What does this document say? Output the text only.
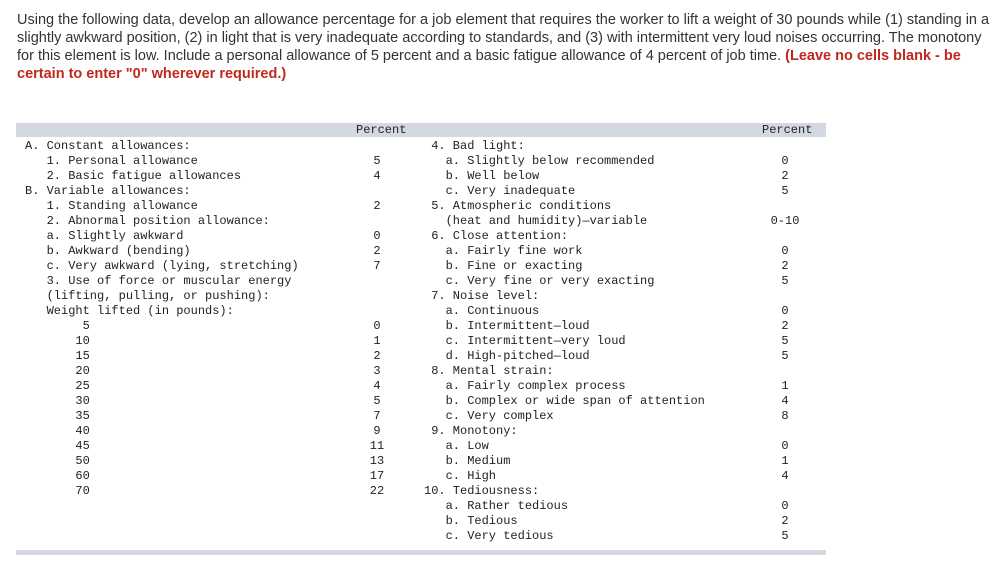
Using the following data, develop an allowance percentage for a job element that requires the worker to lift a weight of 30 pounds while (1) standing in a slightly awkward position, (2) in light that is very inadequate according to standards, and (3) with intermittent very loud noises occurring. The monotony for this element is low. Include a personal allowance of 5 percent and a basic fatigue allowance of 4 percent of job time. (Leave no cells blank - be certain to enter "0" wherever required.)
Percent	Percent
A. Constant allowances:
1. Personal allowance	5
2. Basic fatigue allowances	4
B. Variable allowances:
1. Standing allowance	2
2. Abnormal position allowance:
a. Slightly awkward	0
b. Awkward (bending)	2
c. Very awkward (lying, stretching)	7
3. Use of force or muscular energy
(lifting, pulling, or pushing):
Weight lifted (in pounds):
5	0
10	1
15	2
20	3
25	4
30	5
35	7
40	9
45	11
50	13
60	17
70	22
4. Bad light:
a. Slightly below recommended	0
b. Well below	2
c. Very inadequate	5
5. Atmospheric conditions
(heat and humidity)—variable	0-10
6. Close attention:
a. Fairly fine work	0
b. Fine or exacting	2
c. Very fine or very exacting	5
7. Noise level:
a. Continuous	0
b. Intermittent—loud	2
c. Intermittent—very loud	5
d. High-pitched—loud	5
8. Mental strain:
a. Fairly complex process	1
b. Complex or wide span of attention	4
c. Very complex	8
9. Monotony:
a. Low	0
b. Medium	1
c. High	4
10. Tediousness:
a. Rather tedious	0
b. Tedious	2
c. Very tedious	5
